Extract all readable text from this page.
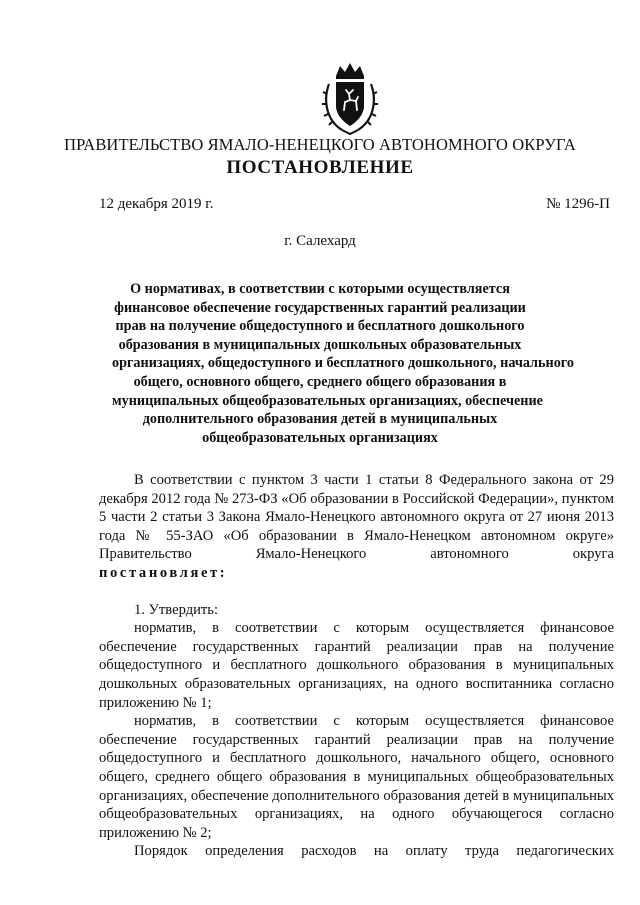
ПРАВИТЕЛЬСТВО ЯМАЛО-НЕНЕЦКОГО АВТОНОМНОГО ОКРУГА
ПОСТАНОВЛЕНИЕ
12 декабря 2019 г.	№ 1296-П
г. Салехард
О нормативах, в соответствии с которыми осуществляется
финансовое обеспечение государственных гарантий реализации
прав на получение общедоступного и бесплатного дошкольного
образования в муниципальных дошкольных образовательных
организациях, общедоступного и бесплатного дошкольного, начального
общего, основного общего, среднего общего образования в
муниципальных общеобразовательных организациях, обеспечение
дополнительного образования детей в муниципальных
общеобразовательных организациях

В соответствии с пунктом 3 части 1 статьи 8 Федерального закона от 29 декабря 2012 года № 273-ФЗ «Об образовании в Российской Федерации», пунктом 5 части 2 статьи 3 Закона Ямало-Ненецкого автономного округа от 27 июня 2013 года № 55-ЗАО «Об образовании в Ямало-Ненецком автономном округе» Правительство Ямало-Ненецкого автономного округа

постановляет:

1. Утвердить:

норматив, в соответствии с которым осуществляется финансовое обеспечение государственных гарантий реализации прав на получение общедоступного и бесплатного дошкольного образования в муниципальных дошкольных образовательных организациях, на одного воспитанника согласно приложению № 1;

норматив, в соответствии с которым осуществляется финансовое обеспечение государственных гарантий реализации прав на получение общедоступного и бесплатного дошкольного, начального общего, основного общего, среднего общего образования в муниципальных общеобразовательных организациях, обеспечение дополнительного образования детей в муниципальных общеобразовательных организациях, на одного обучающегося согласно приложению № 2;

Порядок определения расходов на оплату труда педагогических
